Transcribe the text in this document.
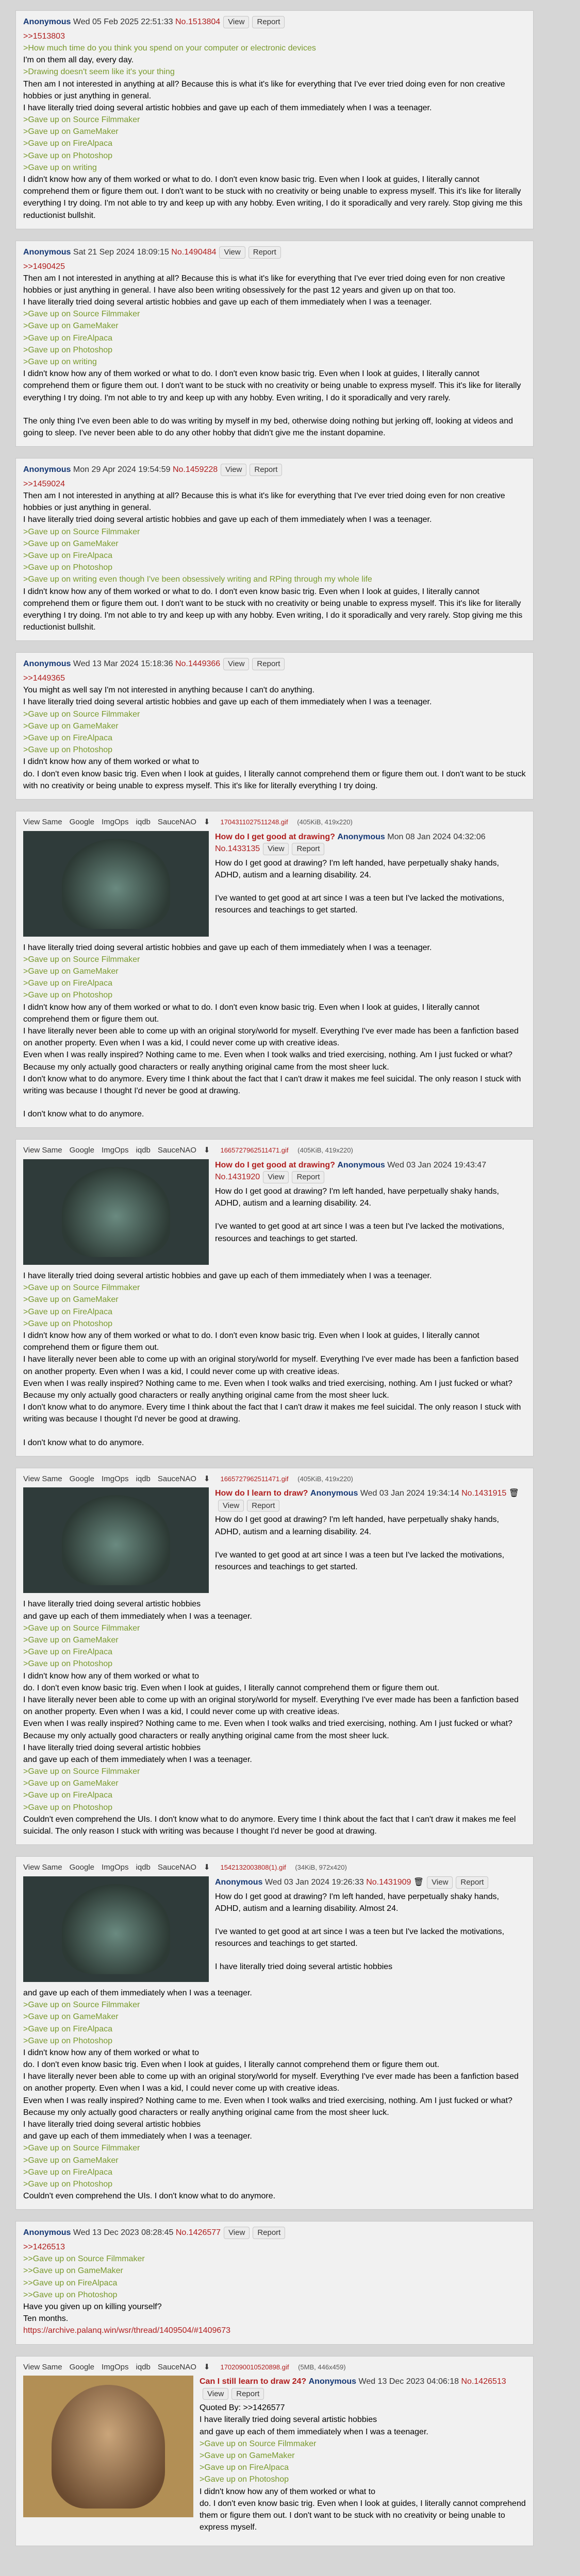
Anonymous Wed 05 Feb 2025 22:51:33 No.1513804 View Report
>>1513803
>How much time do you think you spend on your computer or electronic devices
I'm on them all day, every day.
>Drawing doesn't seem like it's your thing
Then am I not interested in anything at all? Because this is what it's like for everything that I've ever tried doing even for non creative hobbies or just anything in general.
I have literally tried doing several artistic hobbies and gave up each of them immediately when I was a teenager.
>Gave up on Source Filmmaker
>Gave up on GameMaker
>Gave up on FireAlpaca
>Gave up on Photoshop
>Gave up on writing
I didn't know how any of them worked or what to do. I don't even know basic trig. Even when I look at guides, I literally cannot comprehend them or figure them out. I don't want to be stuck with no creativity or being unable to express myself. This it's like for literally everything I try doing. I'm not able to try and keep up with any hobby. Even writing, I do it sporadically and very rarely. Stop giving me this reductionist bullshit.
Anonymous Sat 21 Sep 2024 18:09:15 No.1490484 View Report
>>1490425
Then am I not interested in anything at all? Because this is what it's like for everything that I've ever tried doing even for non creative hobbies or just anything in general. I have also been writing obsessively for the past 12 years and given up on that too.
I have literally tried doing several artistic hobbies and gave up each of them immediately when I was a teenager.
>Gave up on Source Filmmaker
>Gave up on GameMaker
>Gave up on FireAlpaca
>Gave up on Photoshop
>Gave up on writing
I didn't know how any of them worked or what to do. I don't even know basic trig. Even when I look at guides, I literally cannot comprehend them or figure them out. I don't want to be stuck with no creativity or being unable to express myself. This it's like for literally everything I try doing. I'm not able to try and keep up with any hobby. Even writing, I do it sporadically and very rarely.
The only thing I've even been able to do was writing by myself in my bed, otherwise doing nothing but jerking off, looking at videos and going to sleep. I've never been able to do any other hobby that didn't give me the instant dopamine.
Anonymous Mon 29 Apr 2024 19:54:59 No.1459228 View Report
>>1459024
Then am I not interested in anything at all? Because this is what it's like for everything that I've ever tried doing even for non creative hobbies or just anything in general.
I have literally tried doing several artistic hobbies and gave up each of them immediately when I was a teenager.
>Gave up on Source Filmmaker
>Gave up on GameMaker
>Gave up on FireAlpaca
>Gave up on Photoshop
>Gave up on writing even though I've been obsessively writing and RPing through my whole life
I didn't know how any of them worked or what to do. I don't even know basic trig. Even when I look at guides, I literally cannot comprehend them or figure them out. I don't want to be stuck with no creativity or being unable to express myself. This it's like for literally everything I try doing. I'm not able to try and keep up with any hobby. Even writing, I do it sporadically and very rarely. Stop giving me this reductionist bullshit.
Anonymous Wed 13 Mar 2024 15:18:36 No.1449366 View Report
>>1449365
You might as well say I'm not interested in anything because I can't do anything.
I have literally tried doing several artistic hobbies and gave up each of them immediately when I was a teenager.
>Gave up on Source Filmmaker
>Gave up on GameMaker
>Gave up on FireAlpaca
>Gave up on Photoshop
I didn't know how any of them worked or what to
do. I don't even know basic trig. Even when I look at guides, I literally cannot comprehend them or figure them out. I don't want to be stuck with no creativity or being unable to express myself. This it's like for literally everything I try doing.
View Same Google ImgOps iqdb SauceNAO ⬇ 1704311027511248.gif (405KiB, 419x220)
How do I get good at drawing? Anonymous Mon 08 Jan 2024 04:32:06 No.1433135 View Report
How do I get good at drawing? I'm left handed, have perpetually shaky hands, ADHD, autism and a learning disability. 24.
I've wanted to get good at art since I was a teen but I've lacked the motivations, resources and teachings to get started.
I have literally tried doing several artistic hobbies and gave up each of them immediately when I was a teenager.
>Gave up on Source Filmmaker
>Gave up on GameMaker
>Gave up on FireAlpaca
>Gave up on Photoshop
I didn't know how any of them worked or what to do. I don't even know basic trig. Even when I look at guides, I literally cannot comprehend them or figure them out.
I have literally never been able to come up with an original story/world for myself. Everything I've ever made has been a fanfiction based on another property. Even when I was a kid, I could never come up with creative ideas.
Even when I was really inspired? Nothing came to me. Even when I took walks and tried exercising, nothing. Am I just fucked or what? Because my only actually good characters or really anything original came from the most sheer luck.
I don't know what to do anymore. Every time I think about the fact that I can't draw it makes me feel suicidal. The only reason I stuck with writing was because I thought I'd never be good at drawing.
I don't know what to do anymore.
View Same Google ImgOps iqdb SauceNAO ⬇ 1665727962511471.gif (405KiB, 419x220)
How do I get good at drawing? Anonymous Wed 03 Jan 2024 19:43:47 No.1431920 View Report
How do I get good at drawing? I'm left handed, have perpetually shaky hands, ADHD, autism and a learning disability. 24.
I've wanted to get good at art since I was a teen but I've lacked the motivations, resources and teachings to get started.
I have literally tried doing several artistic hobbies and gave up each of them immediately when I was a teenager.
>Gave up on Source Filmmaker
>Gave up on GameMaker
>Gave up on FireAlpaca
>Gave up on Photoshop
I didn't know how any of them worked or what to do. I don't even know basic trig. Even when I look at guides, I literally cannot comprehend them or figure them out.
I have literally never been able to come up with an original story/world for myself. Everything I've ever made has been a fanfiction based on another property. Even when I was a kid, I could never come up with creative ideas.
Even when I was really inspired? Nothing came to me. Even when I took walks and tried exercising, nothing. Am I just fucked or what? Because my only actually good characters or really anything original came from the most sheer luck.
I don't know what to do anymore. Every time I think about the fact that I can't draw it makes me feel suicidal. The only reason I stuck with writing was because I thought I'd never be good at drawing.
I don't know what to do anymore.
View Same Google ImgOps iqdb SauceNAO ⬇ 1665727962511471.gif (405KiB, 419x220)
How do I learn to draw? Anonymous Wed 03 Jan 2024 19:34:14 No.1431915 🗑View Report
How do I get good at drawing? I'm left handed, have perpetually shaky hands, ADHD, autism and a learning disability. 24.
I've wanted to get good at art since I was a teen but I've lacked the motivations, resources and teachings to get started.
I have literally tried doing several artistic hobbies
and gave up each of them immediately when I was a teenager.
>Gave up on Source Filmmaker
>Gave up on GameMaker
>Gave up on FireAlpaca
>Gave up on Photoshop
I didn't know how any of them worked or what to
do. I don't even know basic trig. Even when I look at guides, I literally cannot comprehend them or figure them out.
I have literally never been able to come up with an original story/world for myself. Everything I've ever made has been a fanfiction based on another property. Even when I was a kid, I could never come up with creative ideas.
Even when I was really inspired? Nothing came to me. Even when I took walks and tried exercising, nothing. Am I just fucked or what? Because my only actually good characters or really anything original came from the most sheer luck.
I have literally tried doing several artistic hobbies
and gave up each of them immediately when I was a teenager.
>Gave up on Source Filmmaker
>Gave up on GameMaker
>Gave up on FireAlpaca
>Gave up on Photoshop
Couldn't even comprehend the UIs. I don't know what to do anymore. Every time I think about the fact that I can't draw it makes me feel suicidal. The only reason I stuck with writing was because I thought I'd never be good at drawing.
View Same Google ImgOps iqdb SauceNAO ⬇ 1542132003808(1).gif (34KiB, 972x420)
Anonymous Wed 03 Jan 2024 19:26:33 No.1431909 🗑 View Report
How do I get good at drawing? I'm left handed, have perpetually shaky hands, ADHD, autism and a learning disability. Almost 24.
I've wanted to get good at art since I was a teen but I've lacked the motivations, resources and teachings to get started.
I have literally tried doing several artistic hobbies
and gave up each of them immediately when I was a teenager.
>Gave up on Source Filmmaker
>Gave up on GameMaker
>Gave up on FireAlpaca
>Gave up on Photoshop
I didn't know how any of them worked or what to
do. I don't even know basic trig. Even when I look at guides, I literally cannot comprehend them or figure them out.
I have literally never been able to come up with an original story/world for myself. Everything I've ever made has been a fanfiction based on another property. Even when I was a kid, I could never come up with creative ideas.
Even when I was really inspired? Nothing came to me. Even when I took walks and tried exercising, nothing. Am I just fucked or what? Because my only actually good characters or really anything original came from the most sheer luck.
I have literally tried doing several artistic hobbies
and gave up each of them immediately when I was a teenager.
>Gave up on Source Filmmaker
>Gave up on GameMaker
>Gave up on FireAlpaca
>Gave up on Photoshop
Couldn't even comprehend the UIs. I don't know what to do anymore.
Anonymous Wed 13 Dec 2023 08:28:45 No.1426577 View Report
>>1426513
>>Gave up on Source Filmmaker
>>Gave up on GameMaker
>>Gave up on FireAlpaca
>>Gave up on Photoshop
Have you given up on killing yourself?
Ten months.
https://archive.palanq.win/wsr/thread/1409504/#1409673
View Same Google ImgOps iqdb SauceNAO ⬇ 1702090010520898.gif (5MB, 446x459)
Can I still learn to draw 24? Anonymous Wed 13 Dec 2023 04:06:18 No.1426513View Report
Quoted By: >>1426577
I have literally tried doing several artistic hobbies
and gave up each of them immediately when I was a teenager.
>Gave up on Source Filmmaker
>Gave up on GameMaker
>Gave up on FireAlpaca
>Gave up on Photoshop
I didn't know how any of them worked or what to
do. I don't even know basic trig. Even when I look at guides, I literally cannot comprehend them or figure them out. I don't want to be stuck with no creativity or being unable to express myself.
